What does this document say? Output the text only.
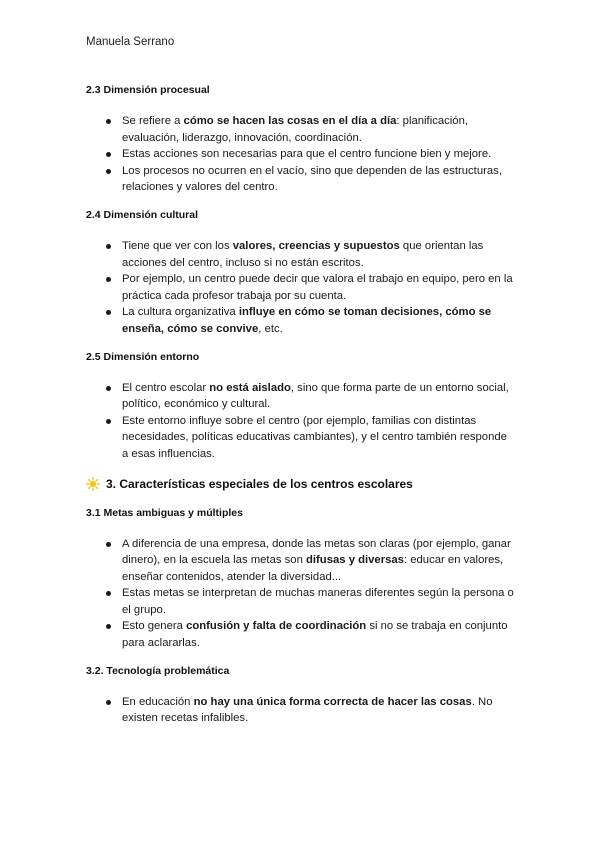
Manuela Serrano
2.3 Dimensión procesual
Se refiere a cómo se hacen las cosas en el día a día: planificación, evaluación, liderazgo, innovación, coordinación.
Estas acciones son necesarias para que el centro funcione bien y mejore.
Los procesos no ocurren en el vacío, sino que dependen de las estructuras, relaciones y valores del centro.
2.4 Dimensión cultural
Tiene que ver con los valores, creencias y supuestos que orientan las acciones del centro, incluso si no están escritos.
Por ejemplo, un centro puede decir que valora el trabajo en equipo, pero en la práctica cada profesor trabaja por su cuenta.
La cultura organizativa influye en cómo se toman decisiones, cómo se enseña, cómo se convive, etc.
2.5 Dimensión entorno
El centro escolar no está aislado, sino que forma parte de un entorno social, político, económico y cultural.
Este entorno influye sobre el centro (por ejemplo, familias con distintas necesidades, políticas educativas cambiantes), y el centro también responde a esas influencias.
3. Características especiales de los centros escolares
3.1 Metas ambiguas y múltiples
A diferencia de una empresa, donde las metas son claras (por ejemplo, ganar dinero), en la escuela las metas son difusas y diversas: educar en valores, enseñar contenidos, atender la diversidad...
Estas metas se interpretan de muchas maneras diferentes según la persona o el grupo.
Esto genera confusión y falta de coordinación si no se trabaja en conjunto para aclararlas.
3.2. Tecnología problemática
En educación no hay una única forma correcta de hacer las cosas. No existen recetas infalibles.
